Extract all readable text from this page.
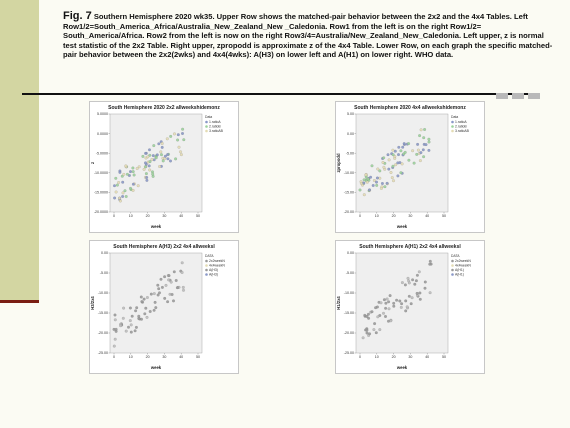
Fig. 7 Southern Hemisphere 2020 wk35. Upper Row shows the matched-pair behavior between the 2x2 and the 4x4 Tables. Left Row1/2=South_America_Africa/Australia_New_Zealand_New _Caledonia. Row1 from the left is on the right Row1/2= South_America/Africa. Row2 from the left is now on the right Row3/4=Australia/New_Zealand_New_Caledonia. Left upper, z is normal test statistic of the 2x2 Table. Right upper, zpropodd is approximate z of the 4x4 Table. Lower Row, on each graph the specific matched-pair behavior between the 2x2(2wks) and 4x4(4wks): A(H3) on lower left and A(H1) on lower right. WHO data.
South Hemisphere 2020 2x2 allweekshidemonz
5.0000
0.0000
-5.0000
-10.0000
-15.0000
-20.0000
0	10	20	30	40	50
week
z
Data
1.ratioA
2.ratioB
3.ratioAB
South Hemisphere 2020 4x4 allweekshidemonz
5.00
0.00
-5.00
-10.00
-15.00
-20.00
0	10	20	30	40	50
week
zpropodd
Data
1.ratioA
2.ratioB
3.ratioAB
South Hemisphere A(H3) 2x2 4x4 allweeksl
0.00
-5.00
-10.00
-15.00
-20.00
-25.00
0	10	20	30	40	50
week
H3/2x4
DATA
2x2weekN
4x4weekN
A(H3)
A(H3)
South Hemisphere A(H1) 2x2 4x4 allweeksl
0.00
-5.00
-10.00
-15.00
-20.00
-25.00
0	10	20	30	40	50
week
H1/2x4
DATA
2x2weekN
4x4weekN
A(H1)
A(H1)
